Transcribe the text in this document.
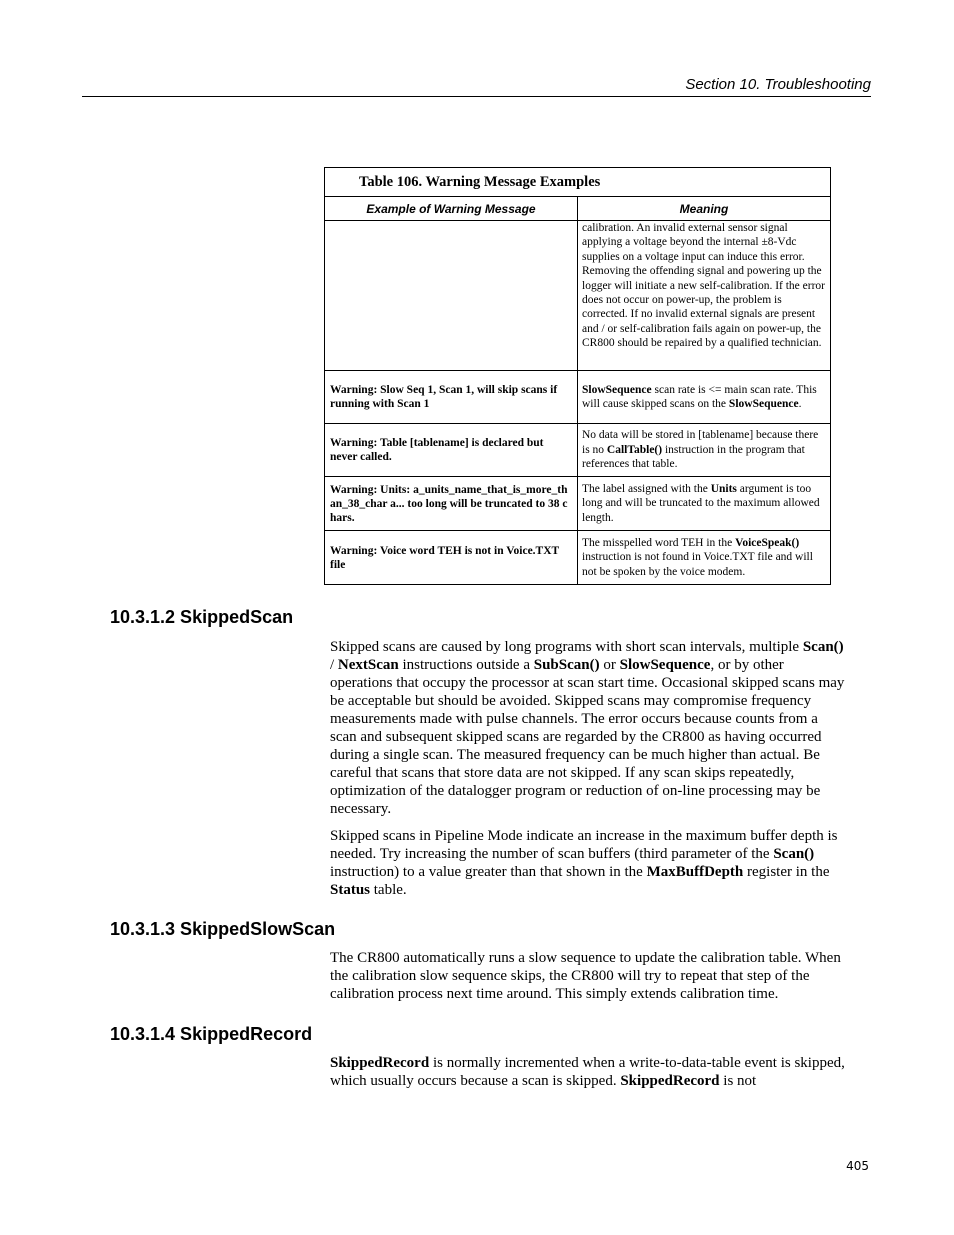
Section 10. Troubleshooting
Table 106. Warning Message Examples	
Example of Warning Message	Meaning
	calibration. An invalid external sensor signal applying a voltage beyond the internal ±8-Vdc supplies on a voltage input can induce this error. Removing the offending signal and powering up the logger will initiate a new self-calibration. If the error does not occur on power-up, the problem is corrected. If no invalid external signals are present and / or self-calibration fails again on power-up, the CR800 should be repaired by a qualified technician.
Warning: Slow Seq 1, Scan 1, will skip scans if running with Scan 1	SlowSequence scan rate is <= main scan rate. This will cause skipped scans on the SlowSequence.
Warning: Table [tablename] is declared but never called.	No data will be stored in [tablename] because there is no CallTable() instruction in the program that references that table.
Warning: Units: a_units_name_that_is_more_than_38_char a... too long will be truncated to 38 chars.	The label assigned with the Units argument is too long and will be truncated to the maximum allowed length.
Warning: Voice word TEH is not in Voice.TXT file	The misspelled word TEH in the VoiceSpeak() instruction is not found in Voice.TXT file and will not be spoken by the voice modem.
10.3.1.2 SkippedScan

Skipped scans are caused by long programs with short scan intervals, multiple Scan() / NextScan instructions outside a SubScan() or SlowSequence, or by other operations that occupy the processor at scan start time. Occasional skipped scans may be acceptable but should be avoided. Skipped scans may compromise frequency measurements made with pulse channels. The error occurs because counts from a scan and subsequent skipped scans are regarded by the CR800 as having occurred during a single scan. The measured frequency can be much higher than actual. Be careful that scans that store data are not skipped. If any scan skips repeatedly, optimization of the datalogger program or reduction of on-line processing may be necessary.

Skipped scans in Pipeline Mode indicate an increase in the maximum buffer depth is needed. Try increasing the number of scan buffers (third parameter of the Scan() instruction) to a value greater than that shown in the MaxBuffDepth register in the Status table.

10.3.1.3 SkippedSlowScan

The CR800 automatically runs a slow sequence to update the calibration table. When the calibration slow sequence skips, the CR800 will try to repeat that step of the calibration process next time around. This simply extends calibration time.

10.3.1.4 SkippedRecord

SkippedRecord is normally incremented when a write-to-data-table event is skipped, which usually occurs because a scan is skipped. SkippedRecord is not

405
